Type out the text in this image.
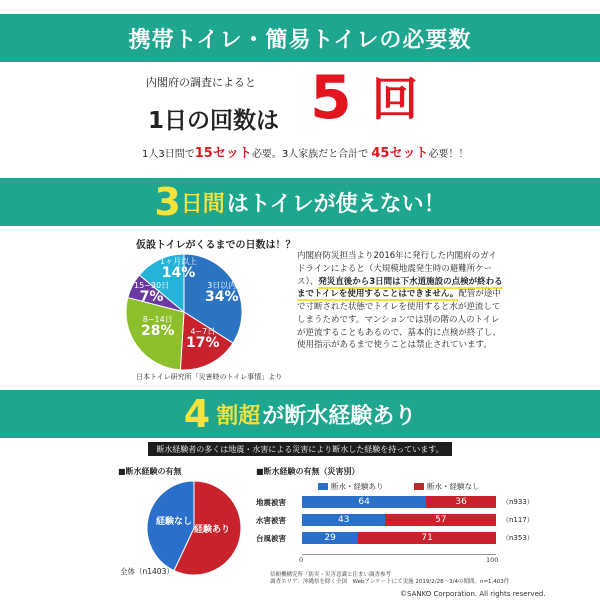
携帯トイレ・簡易トイレの必要数
内閣府の調査によると
1日の回数は 5 回
1人3日間で15セット必要。3人家族だと合計で 45セット必要！！
3 日間 はトイレが使えない！
仮設トイレがくるまでの日数は！？
3日以内
34%
4~7日
17%
8~14日
28%
15~30日
7%
1ヶ月以上
14%
日本トイレ研究所「災害時のトイレ事情」より
内閣府防災担当より2016年に発行した内閣府のガイドラインによると（大規模地震発生時の避難所ケース）、発災直後から3日間は下水道施設の点検が終わるまでトイレを使用することはできません。配管が途中で寸断された状態でトイレを使用すると水が逆流してしまうためです。マンションでは別の階の人のトイレが逆流することもあるので、基本的に点検が終了し、使用指示があるまで使うことは禁止されています。
4 割超 が断水経験あり
断水経験者の多くは地震・水害による災害により断水した経験を持っています。
■断水経験の有無
経験なし
経験あり
全体（n1403）
■断水経験の有無（災害別）
断水・経験あり	断水・経験なし
地震被害	64	36	（n933）
水害被害	43	57	（n117）
台風被害	29	71	（n353）
0	100
信頼機構究所「防災・災害意識と住まい調査参考
調査エリア：沖縄県を除く全国　Webアンケートにて実施 2019/2/28～3/4の期間。n=1,403件
©SANKO Corporation. All rights reserved.
